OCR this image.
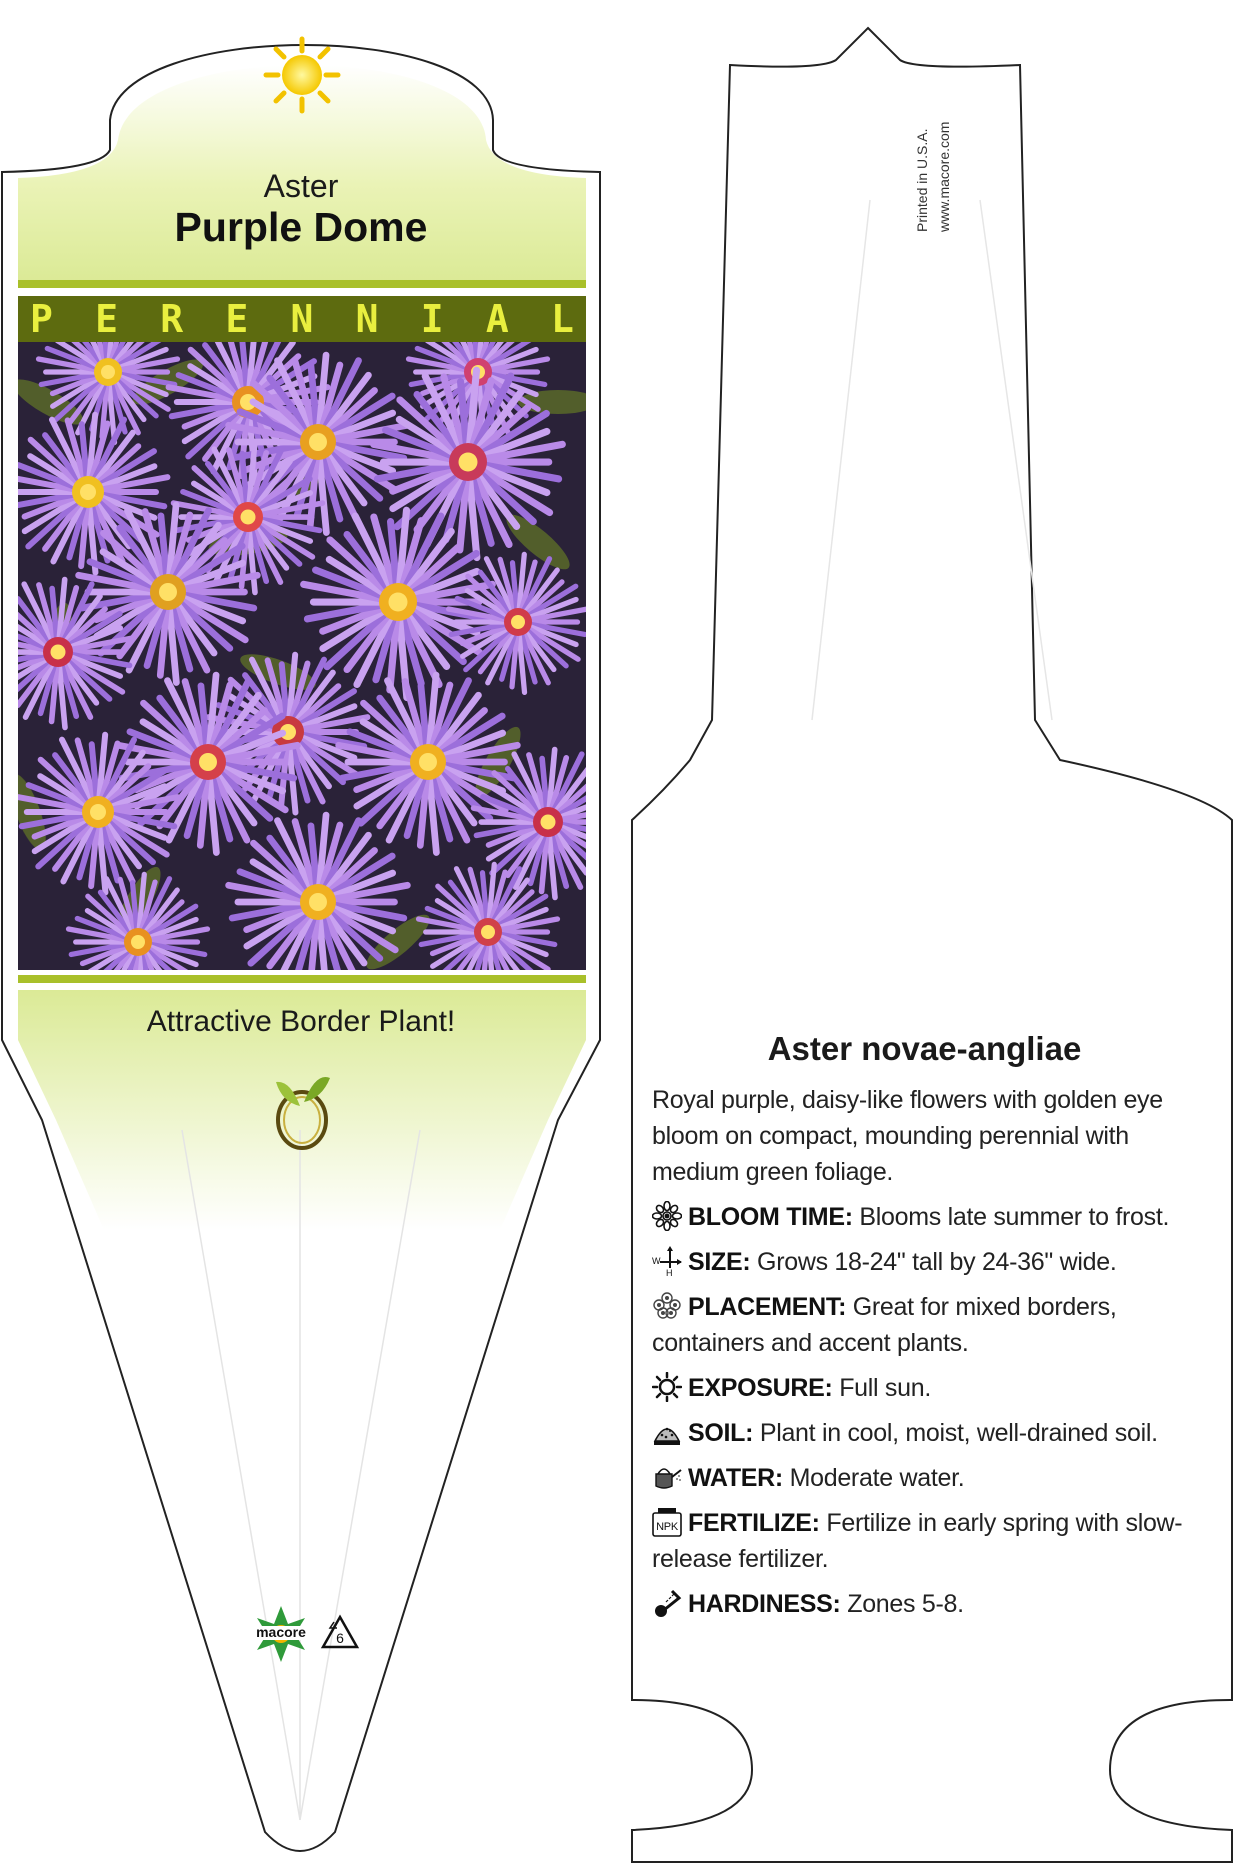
Aster
Purple Dome
P E R E N N I A L
Attractive Border Plant!
macore 6
Printed in U.S.A. www.macore.com
Aster novae-angliae
Royal purple, daisy-like flowers with golden eye bloom on compact, mounding perennial with medium green foliage.
BLOOM TIME: Blooms late summer to frost.
W
H SIZE: Grows 18-24" tall by 24-36" wide.
PLACEMENT: Great for mixed borders, containers and accent plants.
EXPOSURE: Full sun.
SOIL: Plant in cool, moist, well-drained soil.
WATER: Moderate water.
NPK FERTILIZE: Fertilize in early spring with slow-release fertilizer.
HARDINESS: Zones 5-8.
